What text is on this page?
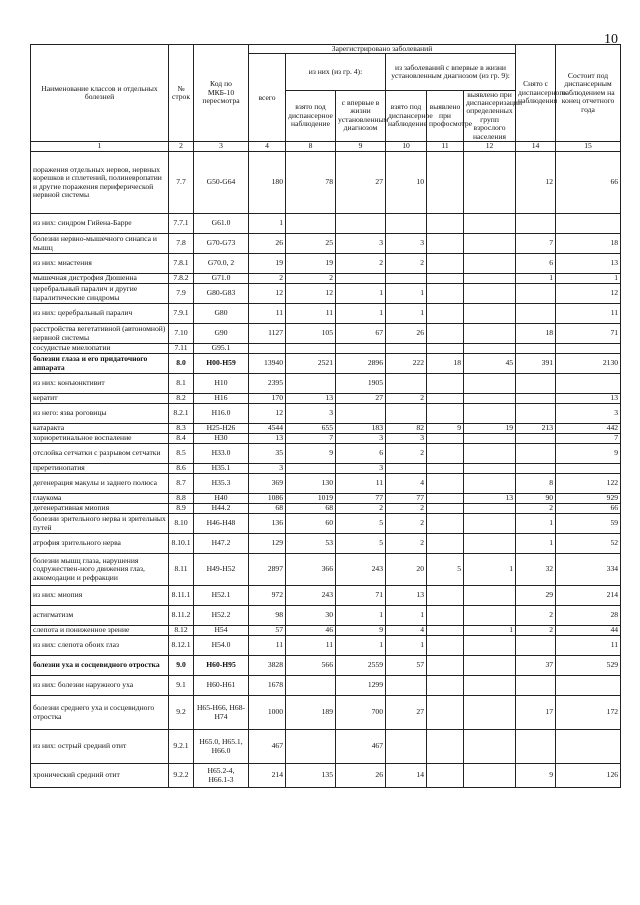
10
Наименование классов и отдельных болезней	№ строк	Код по МКБ-10 пересмотра	Зарегистрировано заболеваний						Снято с диспансерного наблюдения	Состоит под диспансерным наблюдением на конец отчетного года
			всего	из них (из гр. 4):		из заболеваний с впервые в жизни установленным диагнозом (из гр. 9):				
				взято под диспансерное наблюдение	с впервые в жизни установленным диагнозом	взято под диспансерное наблюдение	выявлено при профосмотре	выявлено при диспансеризации определенных групп взрослого населения		
1	2	3	4	8	9	10	11	12	14	15
поражения отдельных нервов, нервных корешков и сплетений, полиневропатии и другие поражения периферической нервной системы	7.7	G50-G64	180	78	27	10			12	66
из них: синдром Гийена-Барре	7.7.1	G61.0	1							
болезни нервно-мышечного синапса и мышц	7.8	G70-G73	26	25	3	3			7	18
из них: миастения	7.8.1	G70.0, 2	19	19	2	2			6	13
мышечная дистрофия Дюшенна	7.8.2	G71.0	2	2					1	1
церебральный паралич и другие паралитические синдромы	7.9	G80-G83	12	12	1	1				12
из них: церебральный паралич	7.9.1	G80	11	11	1	1				11
расстройства вегетативной (автономной) нервной системы	7.10	G90	1127	105	67	26			18	71
сосудистые миелопатии	7.11	G95.1								
болезни глаза и его придаточного аппарата	8.0	H00-H59	13940	2521	2896	222	18	45	391	2130
из них: конъюнктивит	8.1	H10	2395		1905					
кератит	8.2	H16	170	13	27	2				13
из него: язва роговицы	8.2.1	H16.0	12	3						3
катаракта	8.3	H25-H26	4544	655	183	82	9	19	213	442
хориоретинальное воспаление	8.4	H30	13	7	3	3				7
отслойка сетчатки с разрывом сетчатки	8.5	H33.0	35	9	6	2				9
преретинопатия	8.6	H35.1	3		3					
дегенерация макулы и заднего полюса	8.7	H35.3	369	130	11	4			8	122
глаукома	8.8	H40	1086	1019	77	77		13	90	929
дегенеративная миопия	8.9	H44.2	68	68	2	2			2	66
болезни зрительного нерва и зрительных путей	8.10	H46-H48	136	60	5	2			1	59
атрофия зрительного нерва	8.10.1	H47.2	129	53	5	2			1	52
болезни мышц глаза, нарушения содружествен-ного движения глаз, аккомодации и рефракции	8.11	H49-H52	2897	366	243	20	5	1	32	334
из них: миопия	8.11.1	H52.1	972	243	71	13			29	214
астигматизм	8.11.2	H52.2	98	30	1	1			2	28
слепота и пониженное зрение	8.12	H54	57	46	9	4		1	2	44
из них: слепота обоих глаз	8.12.1	H54.0	11	11	1	1				11
болезни уха и сосцевидного отростка	9.0	H60-H95	3828	566	2559	57			37	529
из них: болезни наружного уха	9.1	H60-H61	1678		1299					
болезни среднего уха и сосцевидного отростка	9.2	H65-H66, H68-H74	1000	189	700	27			17	172
из них: острый средний отит	9.2.1	H65.0, H65.1, H66.0	467		467					
хронический средний отит	9.2.2	H65.2-4, H66.1-3	214	135	26	14			9	126
